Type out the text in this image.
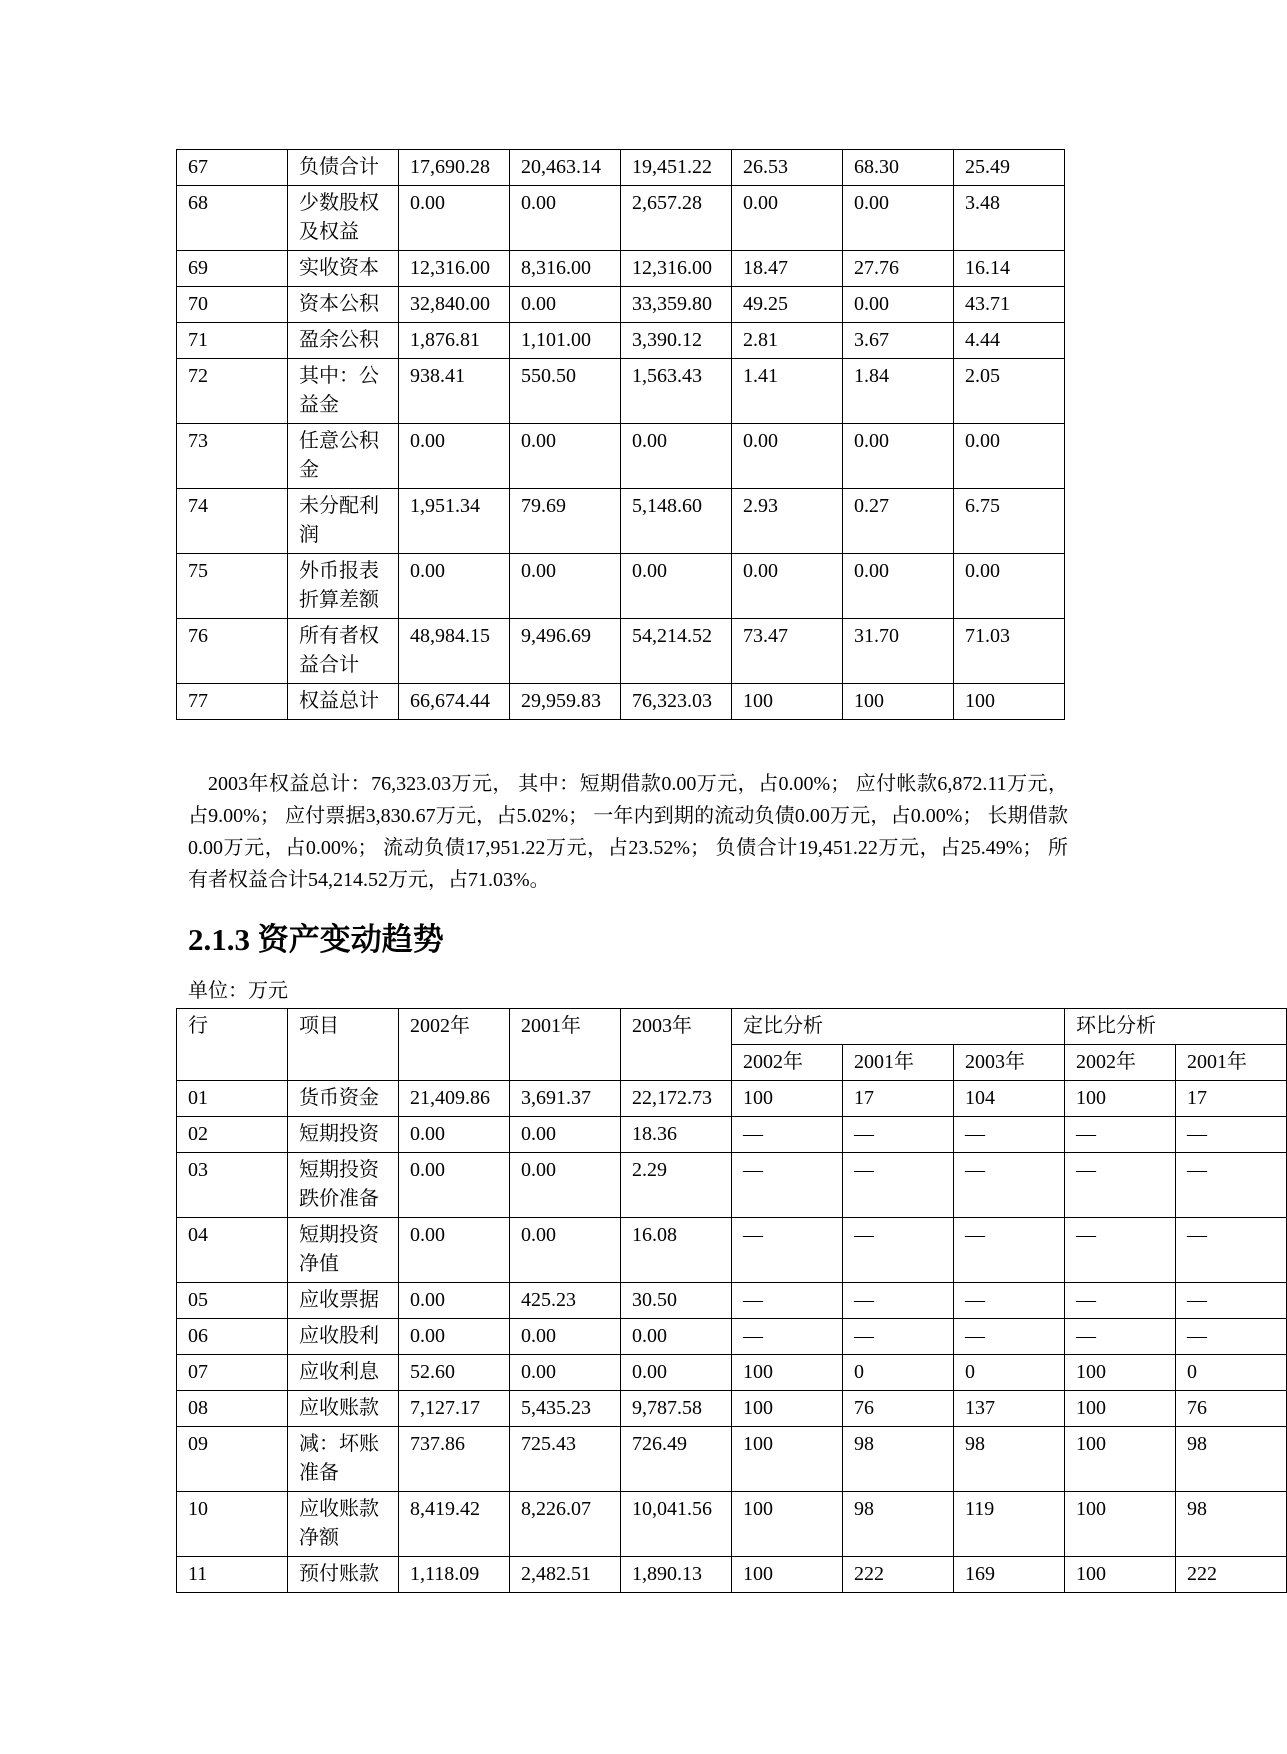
67	负债合计	17,690.28	20,463.14	19,451.22	26.53	68.30	25.49
68	少数股权及权益	0.00	0.00	2,657.28	0.00	0.00	3.48
69	实收资本	12,316.00	8,316.00	12,316.00	18.47	27.76	16.14
70	资本公积	32,840.00	0.00	33,359.80	49.25	0.00	43.71
71	盈余公积	1,876.81	1,101.00	3,390.12	2.81	3.67	4.44
72	其中：公益金	938.41	550.50	1,563.43	1.41	1.84	2.05
73	任意公积金	0.00	0.00	0.00	0.00	0.00	0.00
74	未分配利润	1,951.34	79.69	5,148.60	2.93	0.27	6.75
75	外币报表折算差额	0.00	0.00	0.00	0.00	0.00	0.00
76	所有者权益合计	48,984.15	9,496.69	54,214.52	73.47	31.70	71.03
77	权益总计	66,674.44	29,959.83	76,323.03	100	100	100

2003年权益总计：76,323.03万元， 其中：短期借款0.00万元，占0.00%； 应付帐款6,872.11万元，占9.00%； 应付票据3,830.67万元，占5.02%； 一年内到期的流动负债0.00万元，占0.00%； 长期借款0.00万元，占0.00%； 流动负债17,951.22万元，占23.52%； 负债合计19,451.22万元，占25.49%； 所有者权益合计54,214.52万元，占71.03%。

2.1.3 资产变动趋势
单位：万元
行	项目	2002年	2001年	2003年	定比分析			环比分析	
					2002年	2001年	2003年	2002年	2001年
01	货币资金	21,409.86	3,691.37	22,172.73	100	17	104	100	17
02	短期投资	0.00	0.00	18.36	—	—	—	—	—
03	短期投资跌价准备	0.00	0.00	2.29	—	—	—	—	—
04	短期投资净值	0.00	0.00	16.08	—	—	—	—	—
05	应收票据	0.00	425.23	30.50	—	—	—	—	—
06	应收股利	0.00	0.00	0.00	—	—	—	—	—
07	应收利息	52.60	0.00	0.00	100	0	0	100	0
08	应收账款	7,127.17	5,435.23	9,787.58	100	76	137	100	76
09	减：坏账准备	737.86	725.43	726.49	100	98	98	100	98
10	应收账款净额	8,419.42	8,226.07	10,041.56	100	98	119	100	98
11	预付账款	1,118.09	2,482.51	1,890.13	100	222	169	100	222
